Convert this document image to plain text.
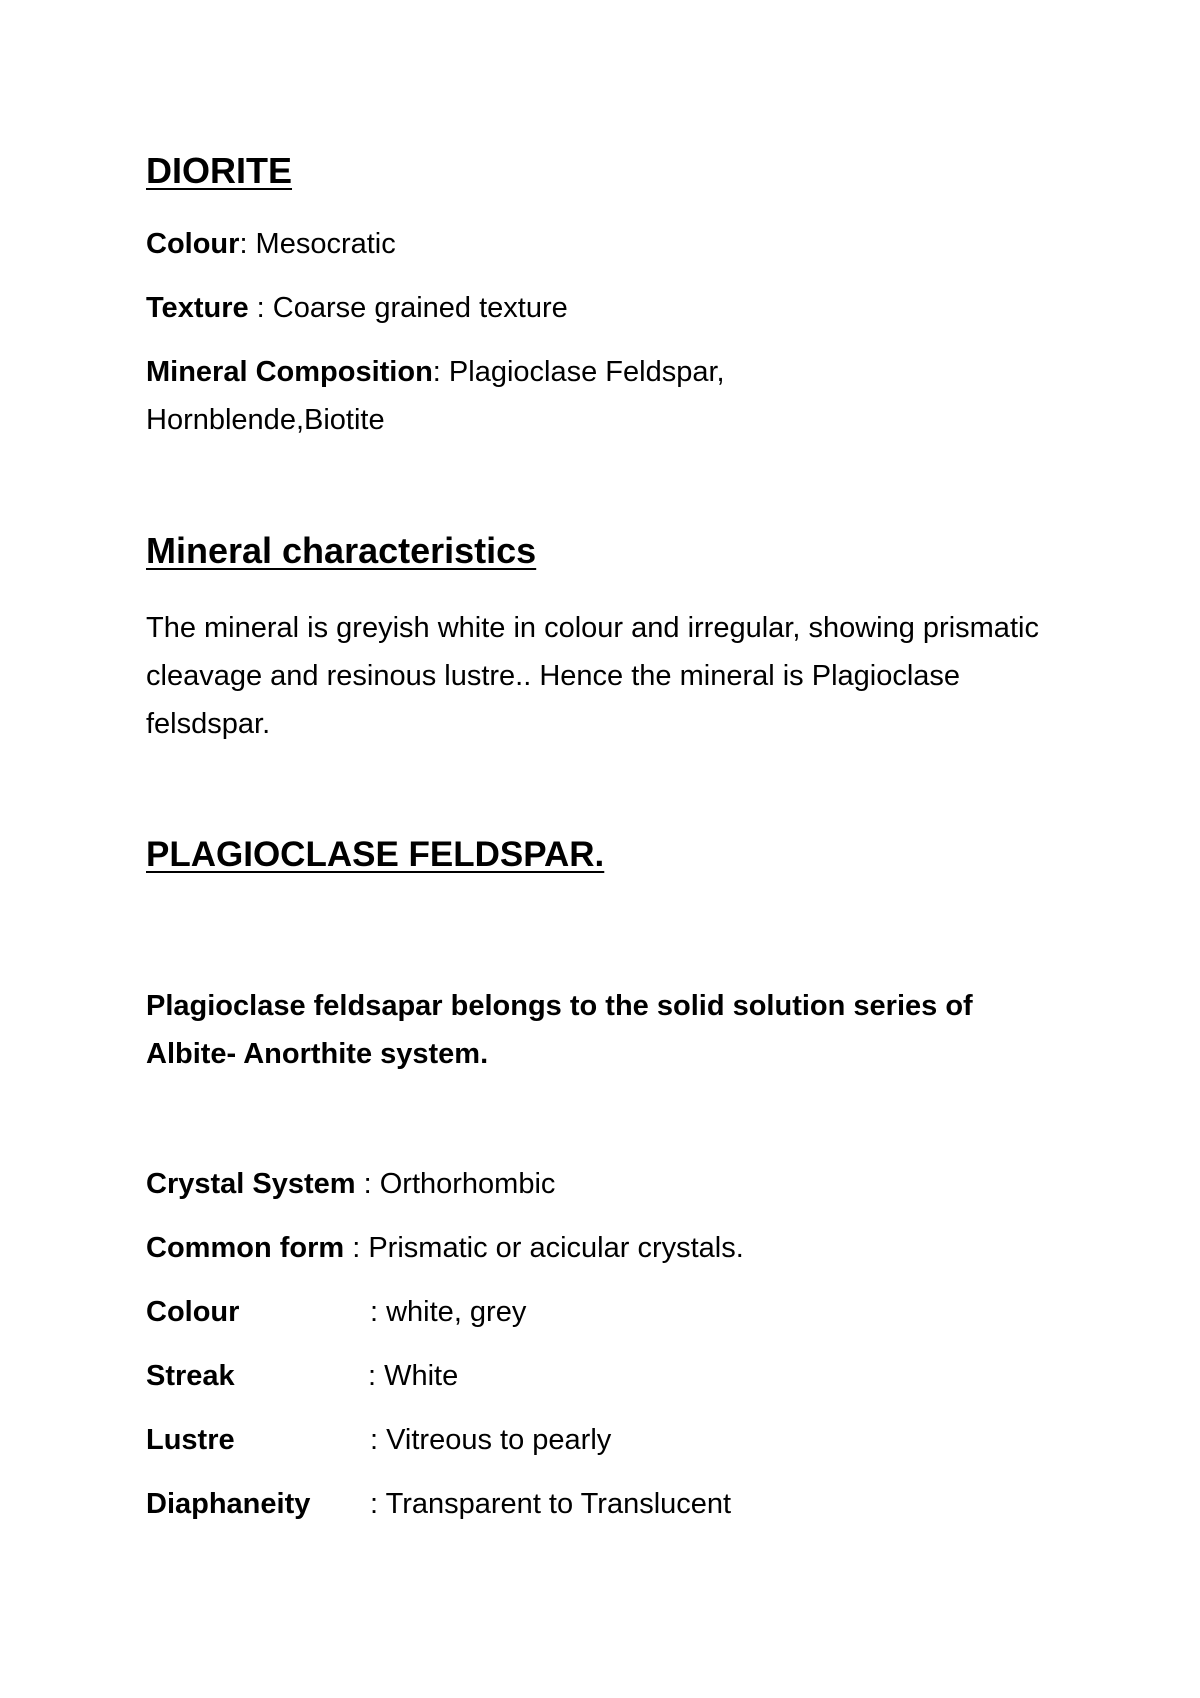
DIORITE
Colour: Mesocratic
Texture : Coarse grained texture
Mineral Composition: Plagioclase Feldspar,
Hornblende,Biotite
Mineral characteristics
The mineral is greyish white in colour and irregular, showing prismatic cleavage and resinous lustre.. Hence the mineral is Plagioclase felsdspar.
PLAGIOCLASE FELDSPAR.
Plagioclase feldsapar belongs to the solid solution series of Albite- Anorthite system.
Crystal System : Orthorhombic
Common form : Prismatic or acicular crystals.
Colour	: white, grey
Streak	: White
Lustre	: Vitreous to pearly
Diaphaneity : Transparent to Translucent
